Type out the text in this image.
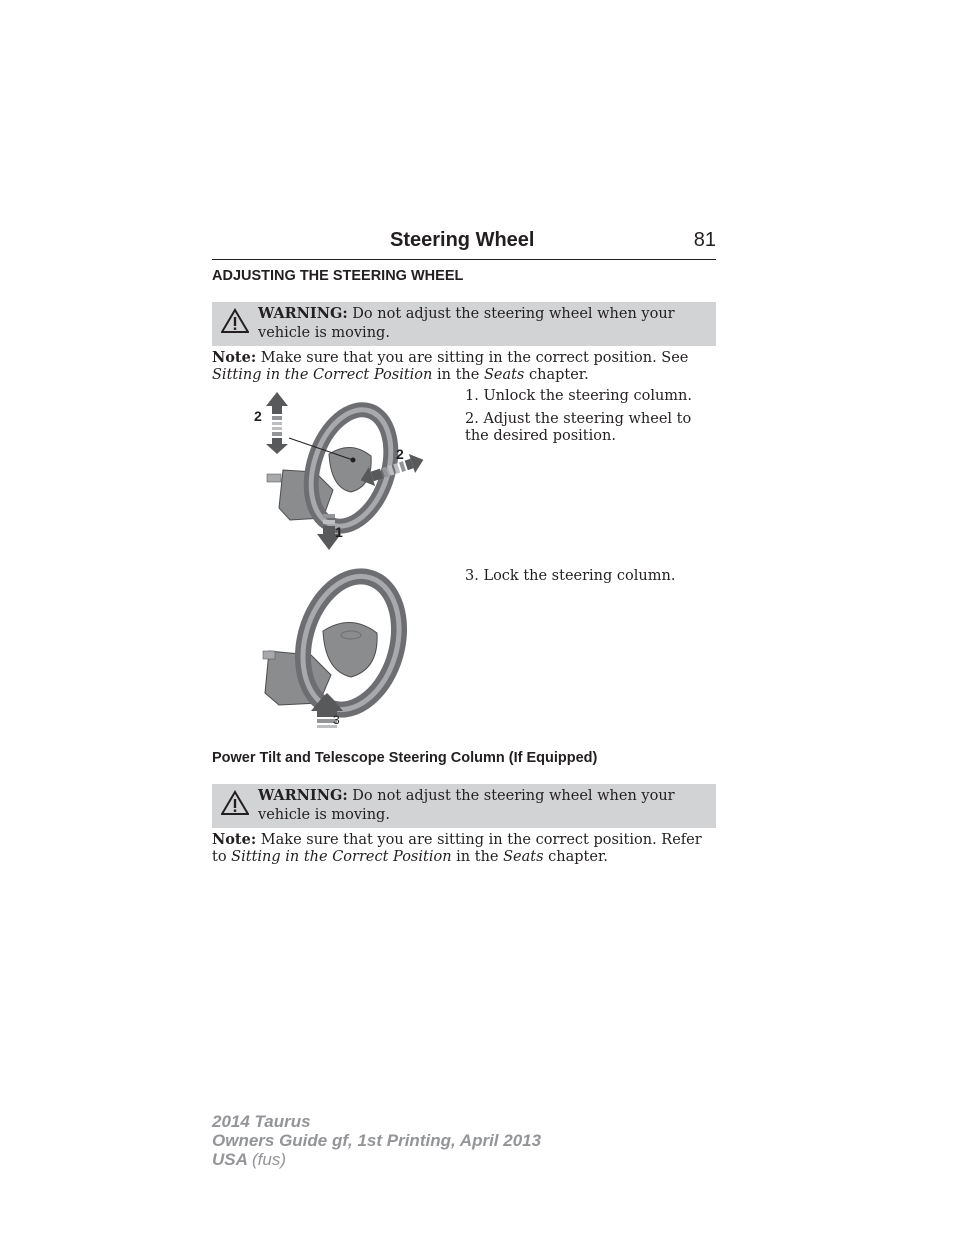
Steering Wheel	81
ADJUSTING THE STEERING WHEEL
WARNING: Do not adjust the steering wheel when your vehicle is moving.
Note: Make sure that you are sitting in the correct position. See Sitting in the Correct Position in the Seats chapter.
2
2
1
1. Unlock the steering column.
2. Adjust the steering wheel to the desired position.
3
3. Lock the steering column.
Power Tilt and Telescope Steering Column (If Equipped)
WARNING: Do not adjust the steering wheel when your vehicle is moving.
Note: Make sure that you are sitting in the correct position. Refer to Sitting in the Correct Position in the Seats chapter.
2014 Taurus
Owners Guide gf, 1st Printing, April 2013
USA (fus)
